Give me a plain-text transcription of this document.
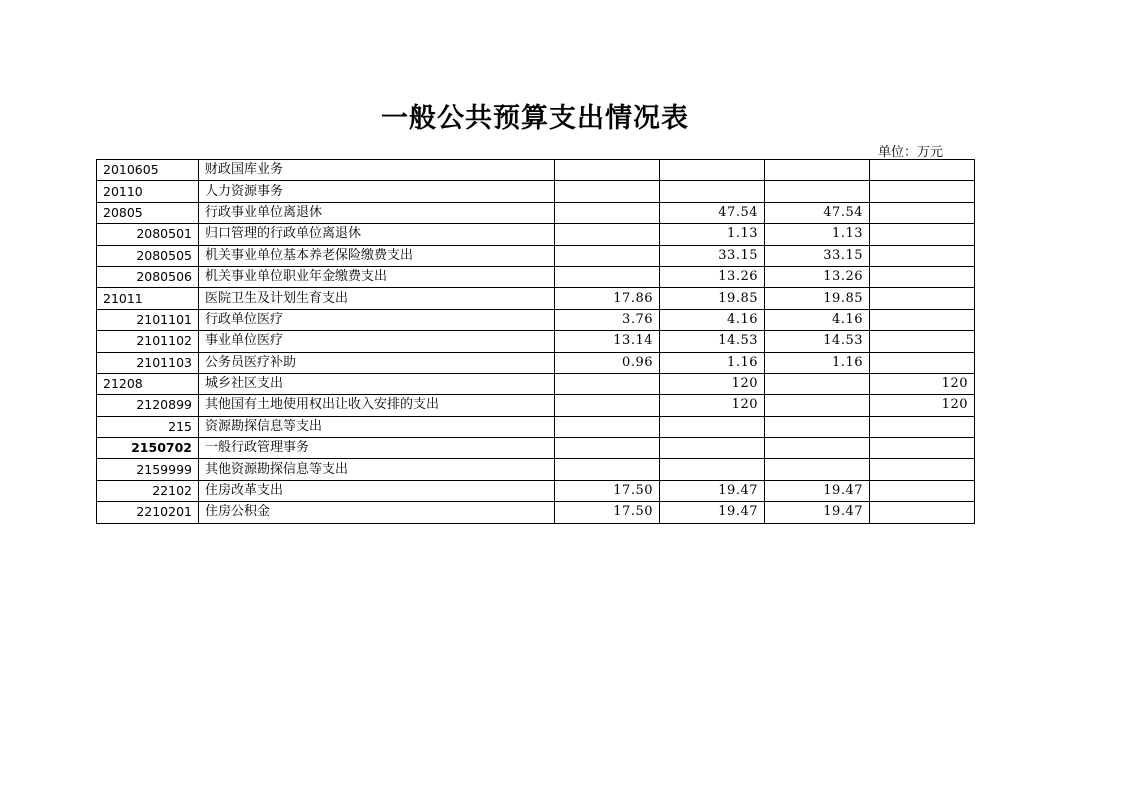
一般公共预算支出情况表
单位：万元
2010605	财政国库业务				
20110	人力资源事务				
20805	行政事业单位离退休		47.54	47.54	
2080501	归口管理的行政单位离退休		1.13	1.13	
2080505	机关事业单位基本养老保险缴费支出		33.15	33.15	
2080506	机关事业单位职业年金缴费支出		13.26	13.26	
21011	医院卫生及计划生育支出	17.86	19.85	19.85	
2101101	行政单位医疗	3.76	4.16	4.16	
2101102	事业单位医疗	13.14	14.53	14.53	
2101103	公务员医疗补助	0.96	1.16	1.16	
21208	城乡社区支出		120		120
2120899	其他国有土地使用权出让收入安排的支出		120		120
215	资源勘探信息等支出				
2150702	一般行政管理事务				
2159999	其他资源勘探信息等支出				
22102	住房改革支出	17.50	19.47	19.47	
2210201	住房公积金	17.50	19.47	19.47	
